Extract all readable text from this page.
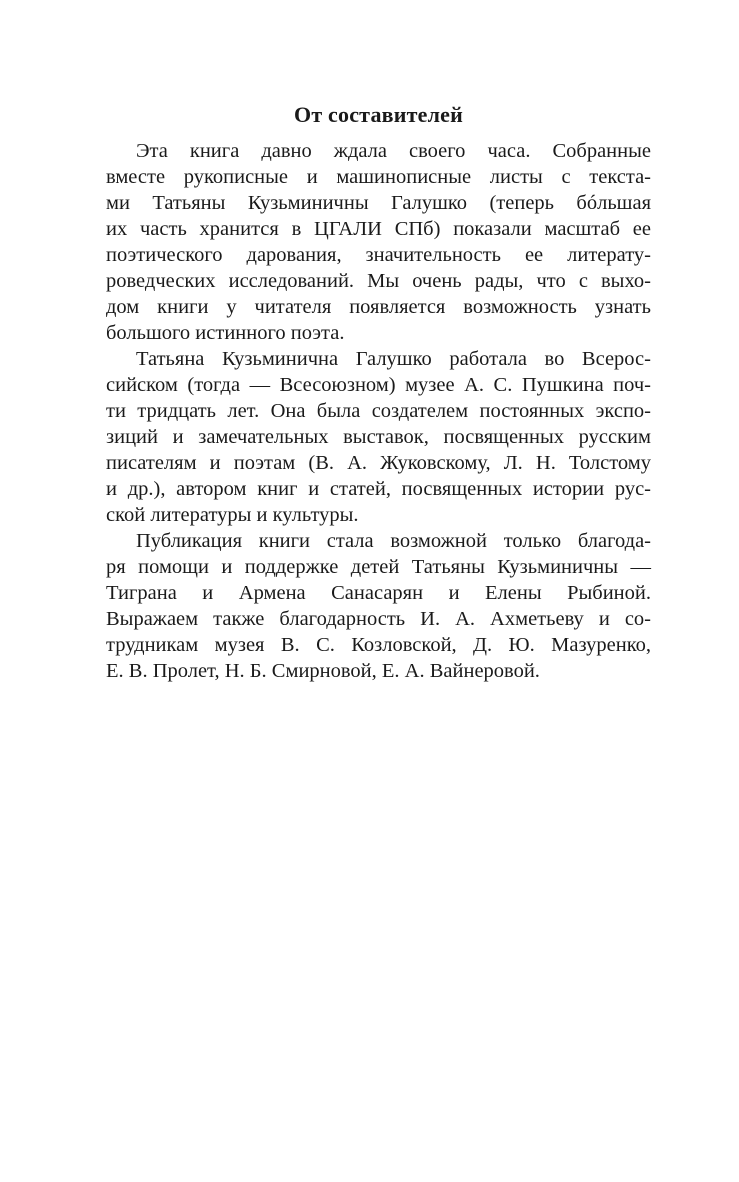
От составителей
Эта книга давно ждала своего часа. Собранные
вместе рукописные и машинописные листы с текста-
ми Татьяны Кузьминичны Галушко (теперь бóльшая
их часть хранится в ЦГАЛИ СПб) показали масштаб ее
поэтического дарования, значительность ее литерату-
роведческих исследований. Мы очень рады, что с выхо-
дом книги у читателя появляется возможность узнать
большого истинного поэта.
Татьяна Кузьминична Галушко работала во Всерос-
сийском (тогда — Всесоюзном) музее А. С. Пушкина поч-
ти тридцать лет. Она была создателем постоянных экспо-
зиций и замечательных выставок, посвященных русским
писателям и поэтам (В. А. Жуковскому, Л. Н. Толстому
и др.), автором книг и статей, посвященных истории рус-
ской литературы и культуры.
Публикация книги стала возможной только благода-
ря помощи и поддержке детей Татьяны Кузьминичны —
Тиграна и Армена Санасарян и Елены Рыбиной.
Выражаем также благодарность И. А. Ахметьеву и со-
трудникам музея В. С. Козловской, Д. Ю. Мазуренко,
Е. В. Пролет, Н. Б. Смирновой, Е. А. Вайнеровой.
